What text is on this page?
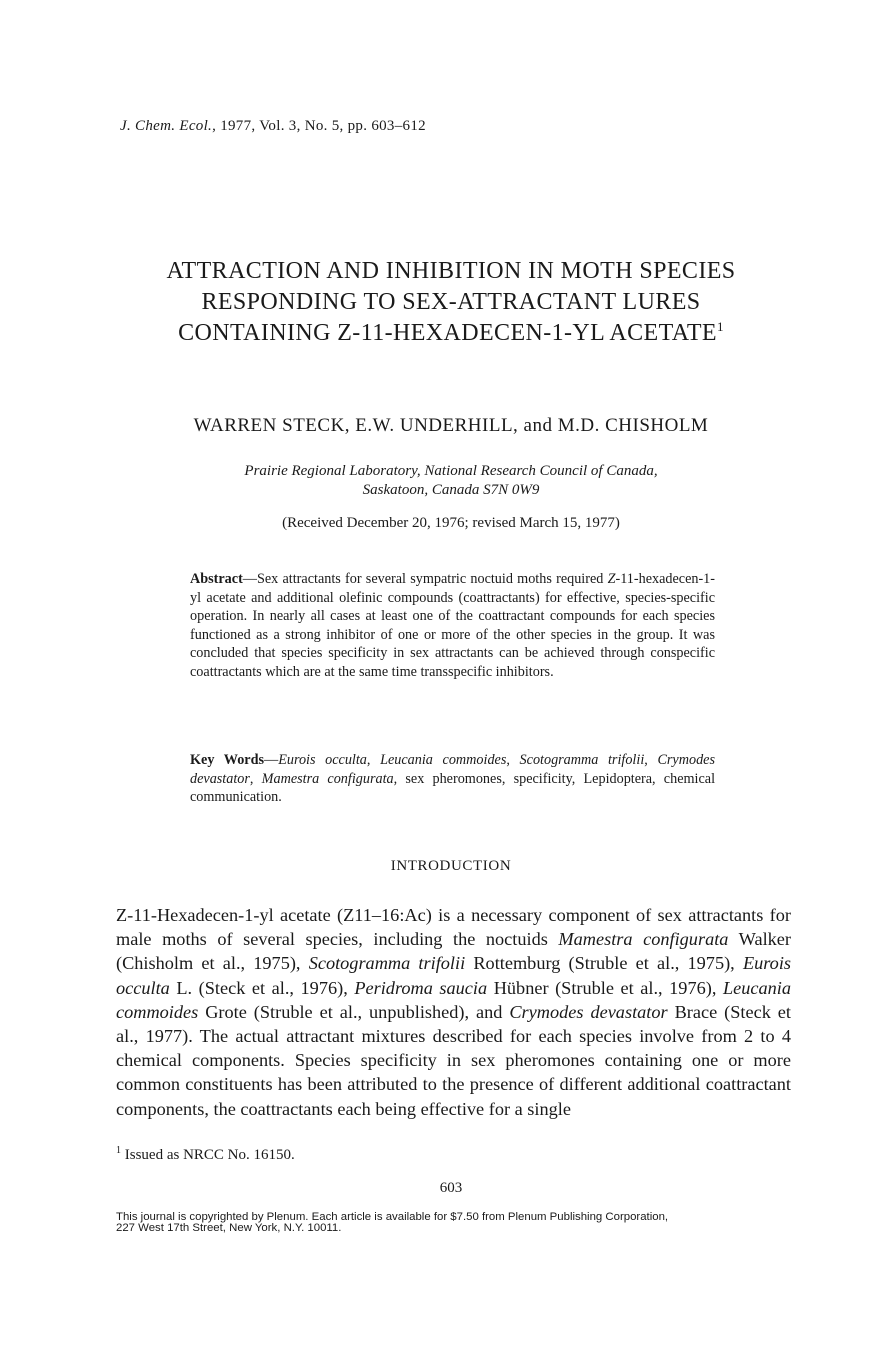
J. Chem. Ecol., 1977, Vol. 3, No. 5, pp. 603–612
ATTRACTION AND INHIBITION IN MOTH SPECIES
RESPONDING TO SEX-ATTRACTANT LURES
CONTAINING Z-11-HEXADECEN-1-YL ACETATE$^1$
WARREN STECK, E.W. UNDERHILL, and M.D. CHISHOLM
Prairie Regional Laboratory, National Research Council of Canada,
Saskatoon, Canada S7N 0W9
(Received December 20, 1976; revised March 15, 1977)

Abstract—Sex attractants for several sympatric noctuid moths required Z-11-hexadecen-1-yl acetate and additional olefinic compounds (coattractants) for effective, species-specific operation. In nearly all cases at least one of the coattractant compounds for each species functioned as a strong inhibitor of one or more of the other species in the group. It was concluded that species specificity in sex attractants can be achieved through conspecific coattractants which are at the same time transspecific inhibitors.

Key Words—Eurois occulta, Leucania commoides, Scotogramma trifolii, Crymodes devastator, Mamestra configurata, sex pheromones, specificity, Lepidoptera, chemical communication.

INTRODUCTION

Z-11-Hexadecen-1-yl acetate (Z11–16:Ac) is a necessary component of sex attractants for male moths of several species, including the noctuids Mamestra configurata Walker (Chisholm et al., 1975), Scotogramma trifolii Rottemburg (Struble et al., 1975), Eurois occulta L. (Steck et al., 1976), Peridroma saucia Hübner (Struble et al., 1976), Leucania commoides Grote (Struble et al., unpublished), and Crymodes devastator Brace (Steck et al., 1977). The actual attractant mixtures described for each species involve from 2 to 4 chemical components. Species specificity in sex pheromones containing one or more common constituents has been attributed to the presence of different additional coattractant components, the coattractants each being effective for a single

$^1$ Issued as NRCC No. 16150.
603
This journal is copyrighted by Plenum. Each article is available for $7.50 from Plenum Publishing Corporation,
227 West 17th Street, New York, N.Y. 10011.
